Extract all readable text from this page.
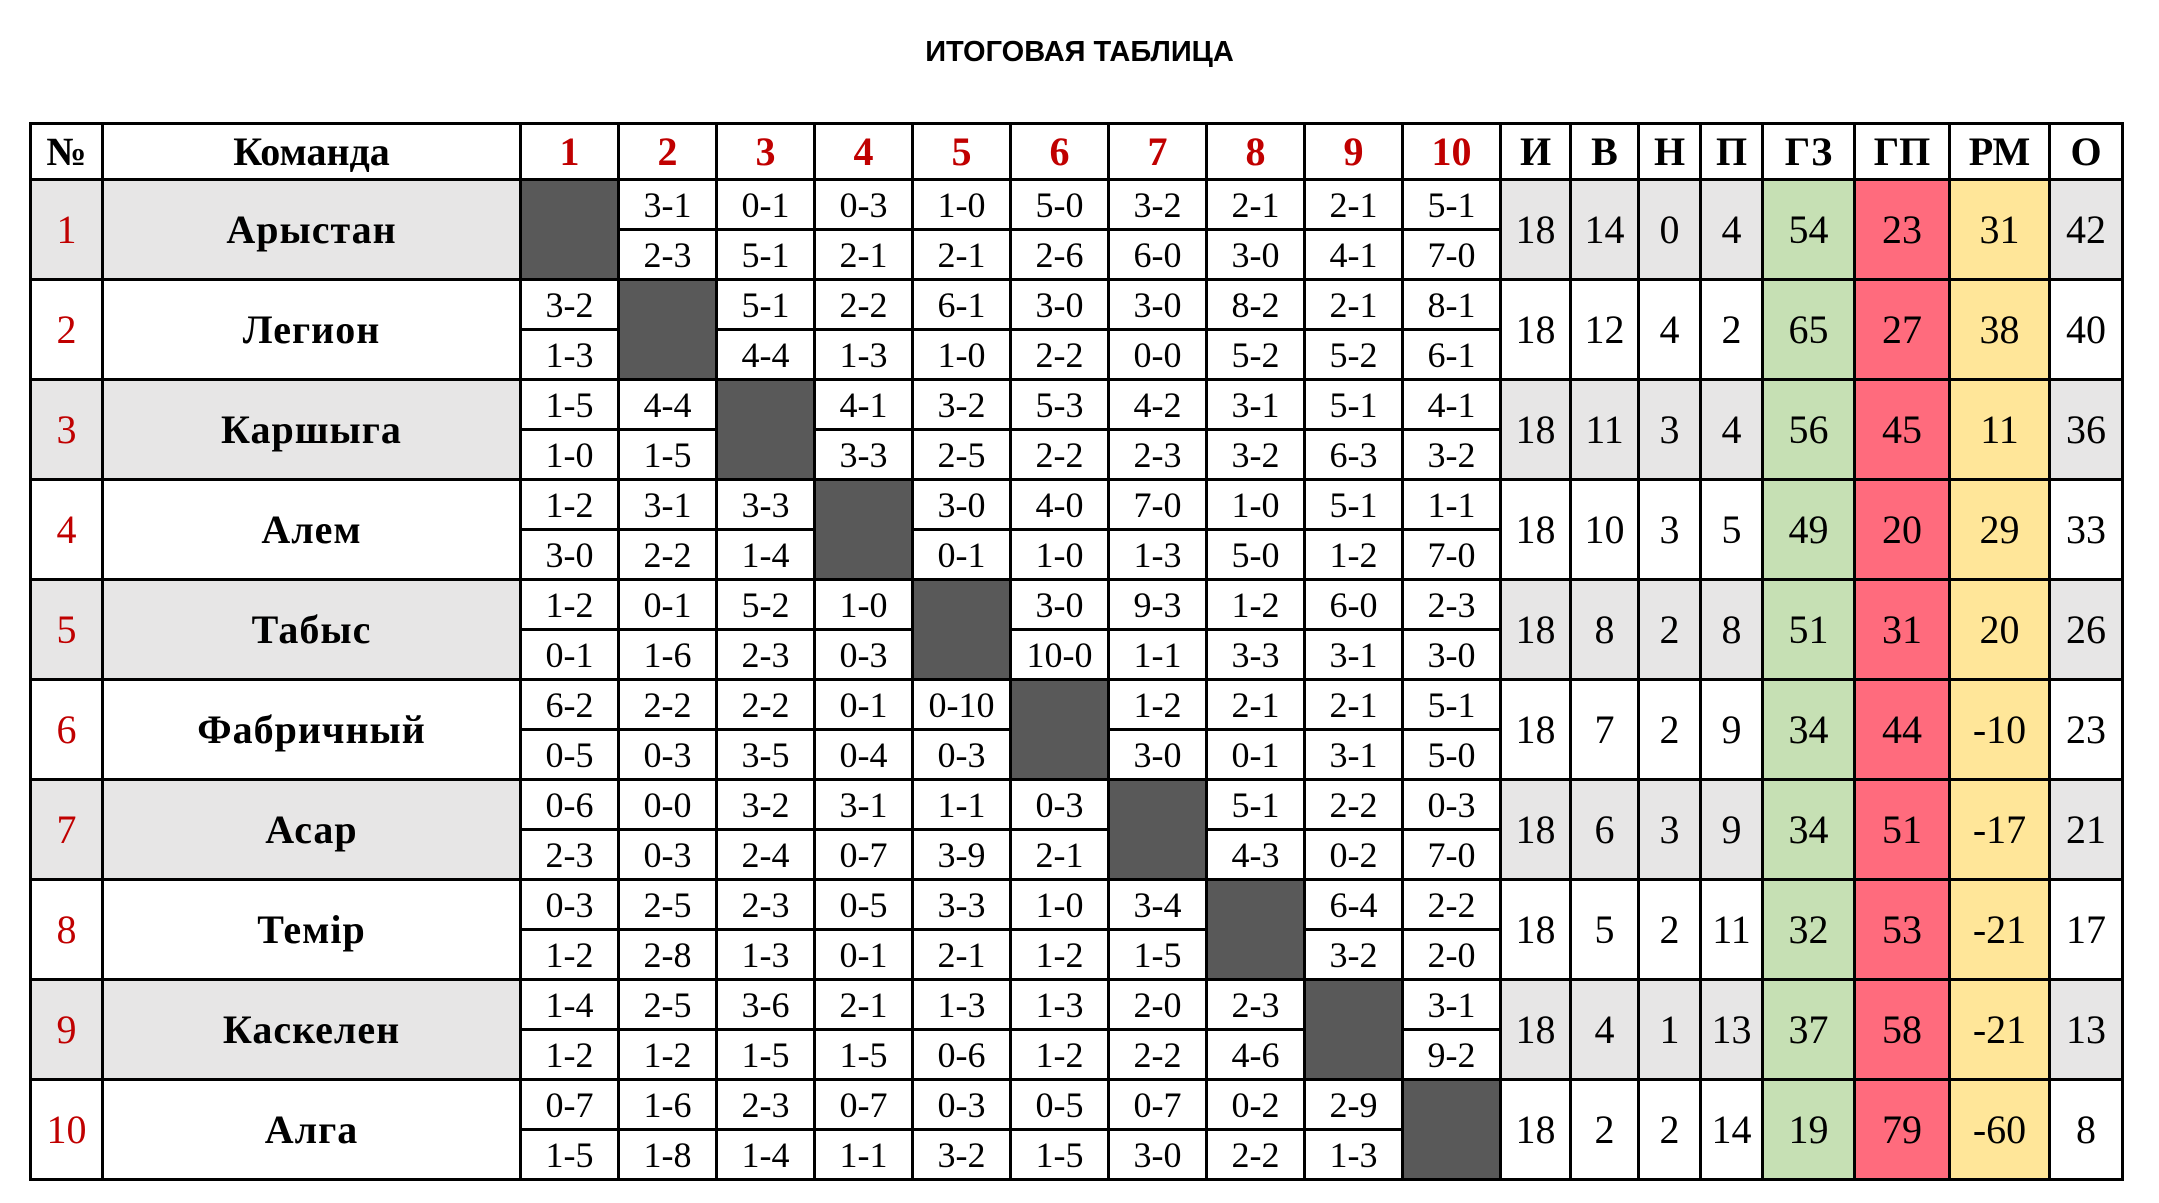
ИТОГОВАЯ ТАБЛИЦА
№	Команда	1	2	3	4	5	6	7	8	9	10	И	В	Н	П	ГЗ	ГП	РМ	О
1	Арыстан		3-1	0-1	0-3	1-0	5-0	3-2	2-1	2-1	5-1	18	14	0	4	54	23	31	42
			2-3	5-1	2-1	2-1	2-6	6-0	3-0	4-1	7-0								
2	Легион	3-2		5-1	2-2	6-1	3-0	3-0	8-2	2-1	8-1	18	12	4	2	65	27	38	40
		1-3		4-4	1-3	1-0	2-2	0-0	5-2	5-2	6-1								
3	Каршыга	1-5	4-4		4-1	3-2	5-3	4-2	3-1	5-1	4-1	18	11	3	4	56	45	11	36
		1-0	1-5		3-3	2-5	2-2	2-3	3-2	6-3	3-2								
4	Алем	1-2	3-1	3-3		3-0	4-0	7-0	1-0	5-1	1-1	18	10	3	5	49	20	29	33
		3-0	2-2	1-4		0-1	1-0	1-3	5-0	1-2	7-0								
5	Табыс	1-2	0-1	5-2	1-0		3-0	9-3	1-2	6-0	2-3	18	8	2	8	51	31	20	26
		0-1	1-6	2-3	0-3		10-0	1-1	3-3	3-1	3-0								
6	Фабричный	6-2	2-2	2-2	0-1	0-10		1-2	2-1	2-1	5-1	18	7	2	9	34	44	-10	23
		0-5	0-3	3-5	0-4	0-3		3-0	0-1	3-1	5-0								
7	Асар	0-6	0-0	3-2	3-1	1-1	0-3		5-1	2-2	0-3	18	6	3	9	34	51	-17	21
		2-3	0-3	2-4	0-7	3-9	2-1		4-3	0-2	7-0								
8	Темір	0-3	2-5	2-3	0-5	3-3	1-0	3-4		6-4	2-2	18	5	2	11	32	53	-21	17
		1-2	2-8	1-3	0-1	2-1	1-2	1-5		3-2	2-0								
9	Каскелен	1-4	2-5	3-6	2-1	1-3	1-3	2-0	2-3		3-1	18	4	1	13	37	58	-21	13
		1-2	1-2	1-5	1-5	0-6	1-2	2-2	4-6		9-2								
10	Алга	0-7	1-6	2-3	0-7	0-3	0-5	0-7	0-2	2-9		18	2	2	14	19	79	-60	8
		1-5	1-8	1-4	1-1	3-2	1-5	3-0	2-2	1-3									
